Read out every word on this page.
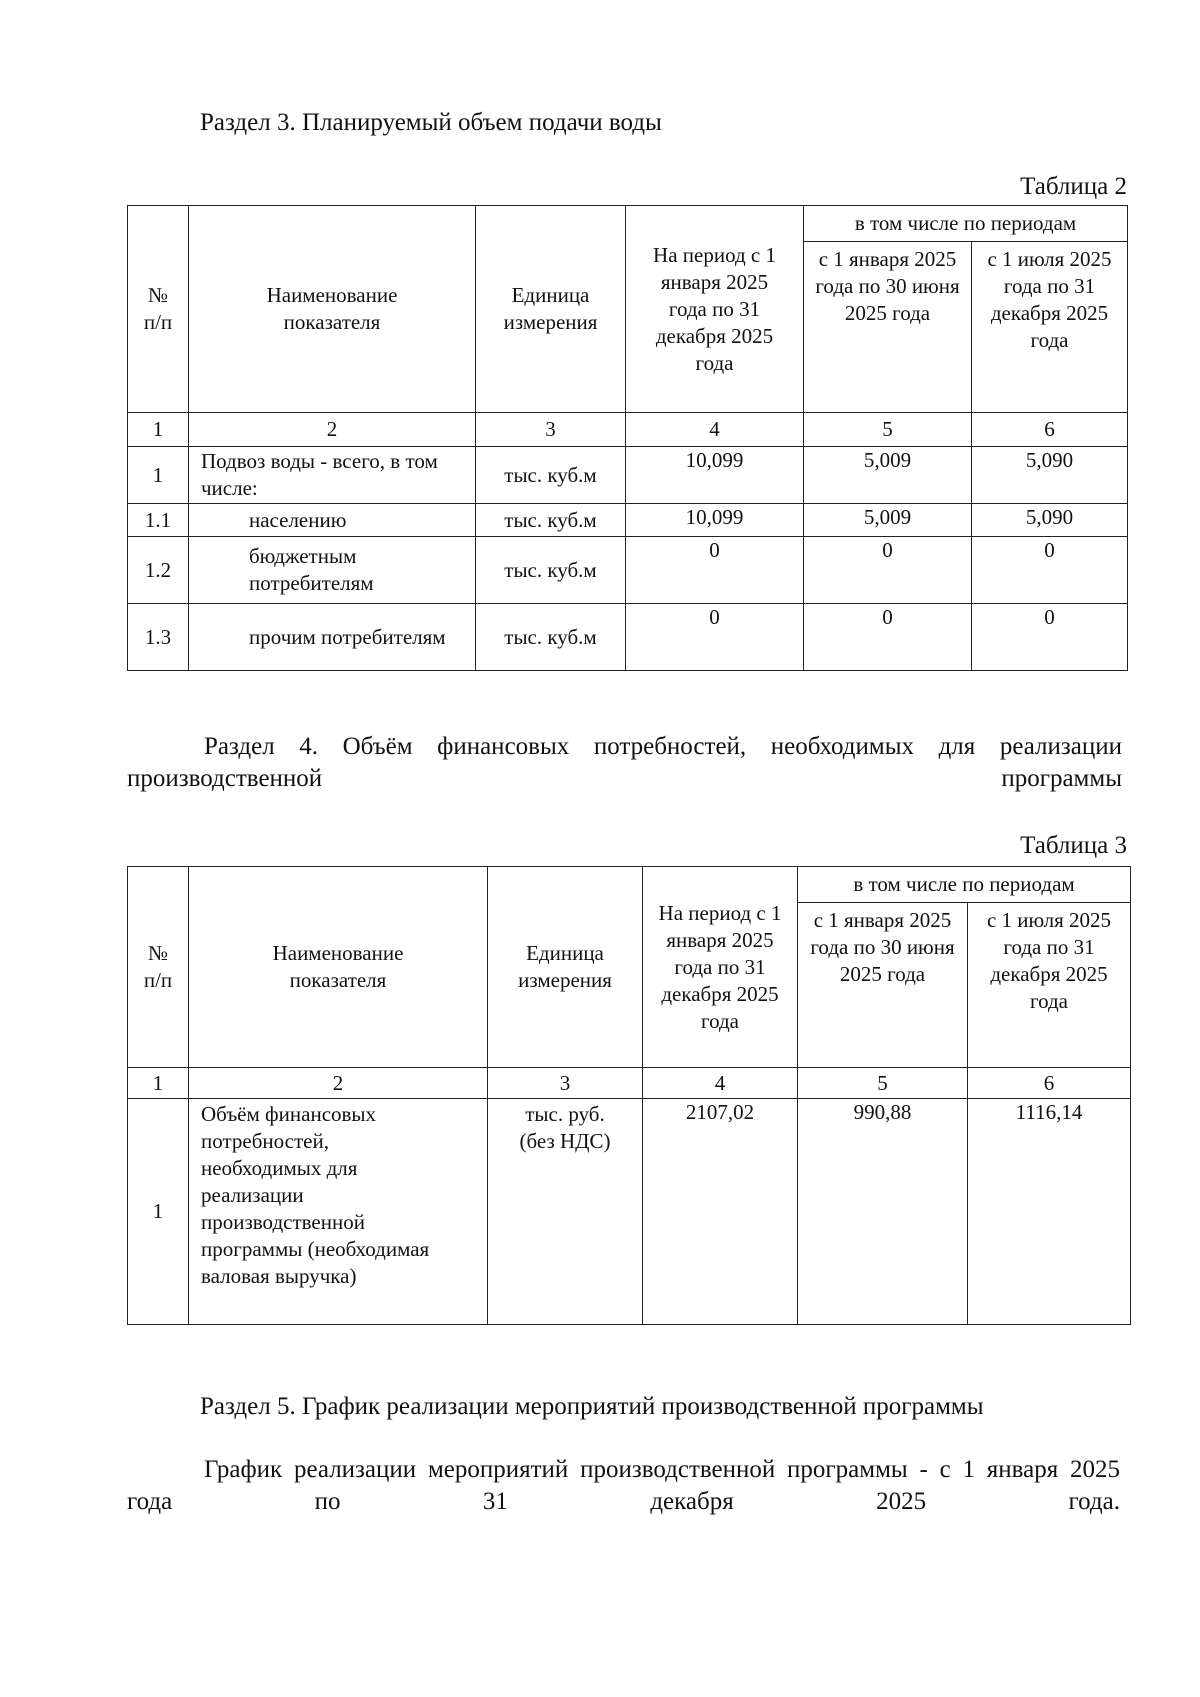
Раздел 3. Планируемый объем подачи воды
Таблица 2
№ п/п	Наименование показателя	Единица измерения	На период с 1 января 2025 года по 31 декабря 2025 года	в том числе по периодам	
				с 1 января 2025 года по 30 июня 2025 года	с 1 июля 2025 года по 31 декабря 2025 года
1	2	3	4	5	6
1	Подвоз воды - всего, в том числе:	тыс. куб.м	10,099	5,009	5,090
1.1	населению	тыс. куб.м	10,099	5,009	5,090
1.2	бюджетным потребителям	тыс. куб.м	0	0	0
1.3	прочим потребителям	тыс. куб.м	0	0	0
Раздел 4. Объём финансовых потребностей, необходимых для реализации производственной программы
Таблица 3
№ п/п	Наименование показателя	Единица измерения	На период с 1 января 2025 года по 31 декабря 2025 года	в том числе по периодам	
				с 1 января 2025 года по 30 июня 2025 года	с 1 июля 2025 года по 31 декабря 2025 года
1	2	3	4	5	6
1	Объём финансовых потребностей, необходимых для реализации производственной программы (необходимая валовая выручка)	тыс. руб. (без НДС)	2107,02	990,88	1116,14
Раздел 5. График реализации мероприятий производственной программы
График реализации мероприятий производственной программы - с 1 января 2025 года по 31 декабря 2025 года.
